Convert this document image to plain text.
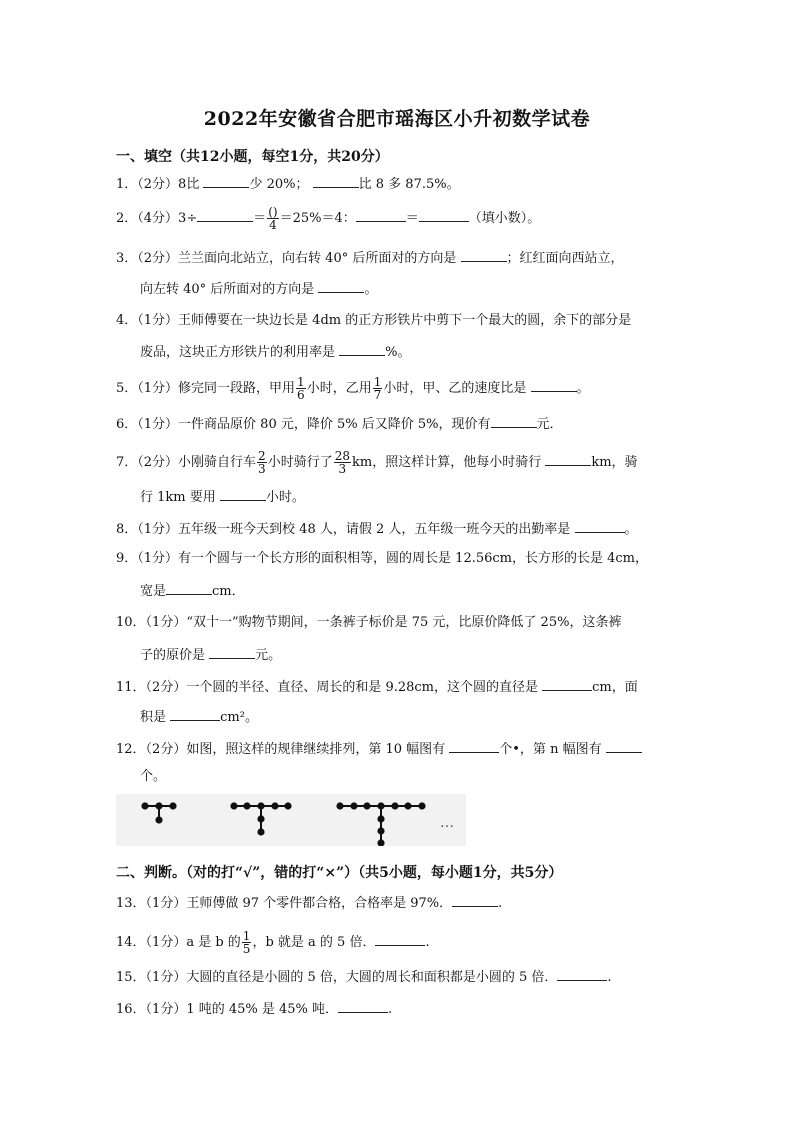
2022年安徽省合肥市瑶海区小升初数学试卷
一、填空（共12小题，每空1分，共20分）
1．（2分）8比	少 20%；	比 8 多 87.5%。
2．（4分）3÷	＝ $\frac{()}{4} =25\%=4$：	＝	（填小数）。
3．（2分）兰兰面向北站立，向右转 40° 后所面对的方向是	；红红面向西站立，
向左转 40° 后所面对的方向是	。
4．（1分）王师傅要在一块边长是 4dm 的正方形铁片中剪下一个最大的圆，余下的部分是
废品，这块正方形铁片的利用率是	%。
5．（1分）修完同一段路，甲用 $\frac{1}{6}$ 小时，乙用 $\frac{1}{7}$ 小时，甲、乙的速度比是	。
6．（1分）一件商品原价 80 元，降价 5% 后又降价 5%，现价有	元．
7．（2分）小刚骑自行车 $\frac{2}{3}$ 小时骑行了 $\frac{28}{3}$ km，照这样计算，他每小时骑行	km，骑
行 1km 要用	小时。
8．（1分）五年级一班今天到校 48 人，请假 2 人，五年级一班今天的出勤率是	。
9．（1分）有一个圆与一个长方形的面积相等，圆的周长是 12.56cm，长方形的长是 4cm，
宽是	cm．
10．（1分）“双十一”购物节期间，一条裤子标价是 75 元，比原价降低了 25%，这条裤
子的原价是	元。
11．（2分）一个圆的半径、直径、周长的和是 9.28cm，这个圆的直径是	cm，面
积是	cm²。
12．（2分）如图，照这样的规律继续排列，第 10 幅图有	个•，第 n 幅图有
个。
…
二、判断。（对的打“√”，错的打“×”）（共5小题，每小题1分，共5分）
13．（1分）王师傅做 97 个零件都合格，合格率是 97%．	.
14．（1分）a 是 b 的 $\frac{1}{5}$ ，b 就是 a 的 5 倍．	.
15．（1分）大圆的直径是小圆的 5 倍，大圆的周长和面积都是小圆的 5 倍．	.
16．（1分）1 吨的 45% 是 45% 吨．	.
